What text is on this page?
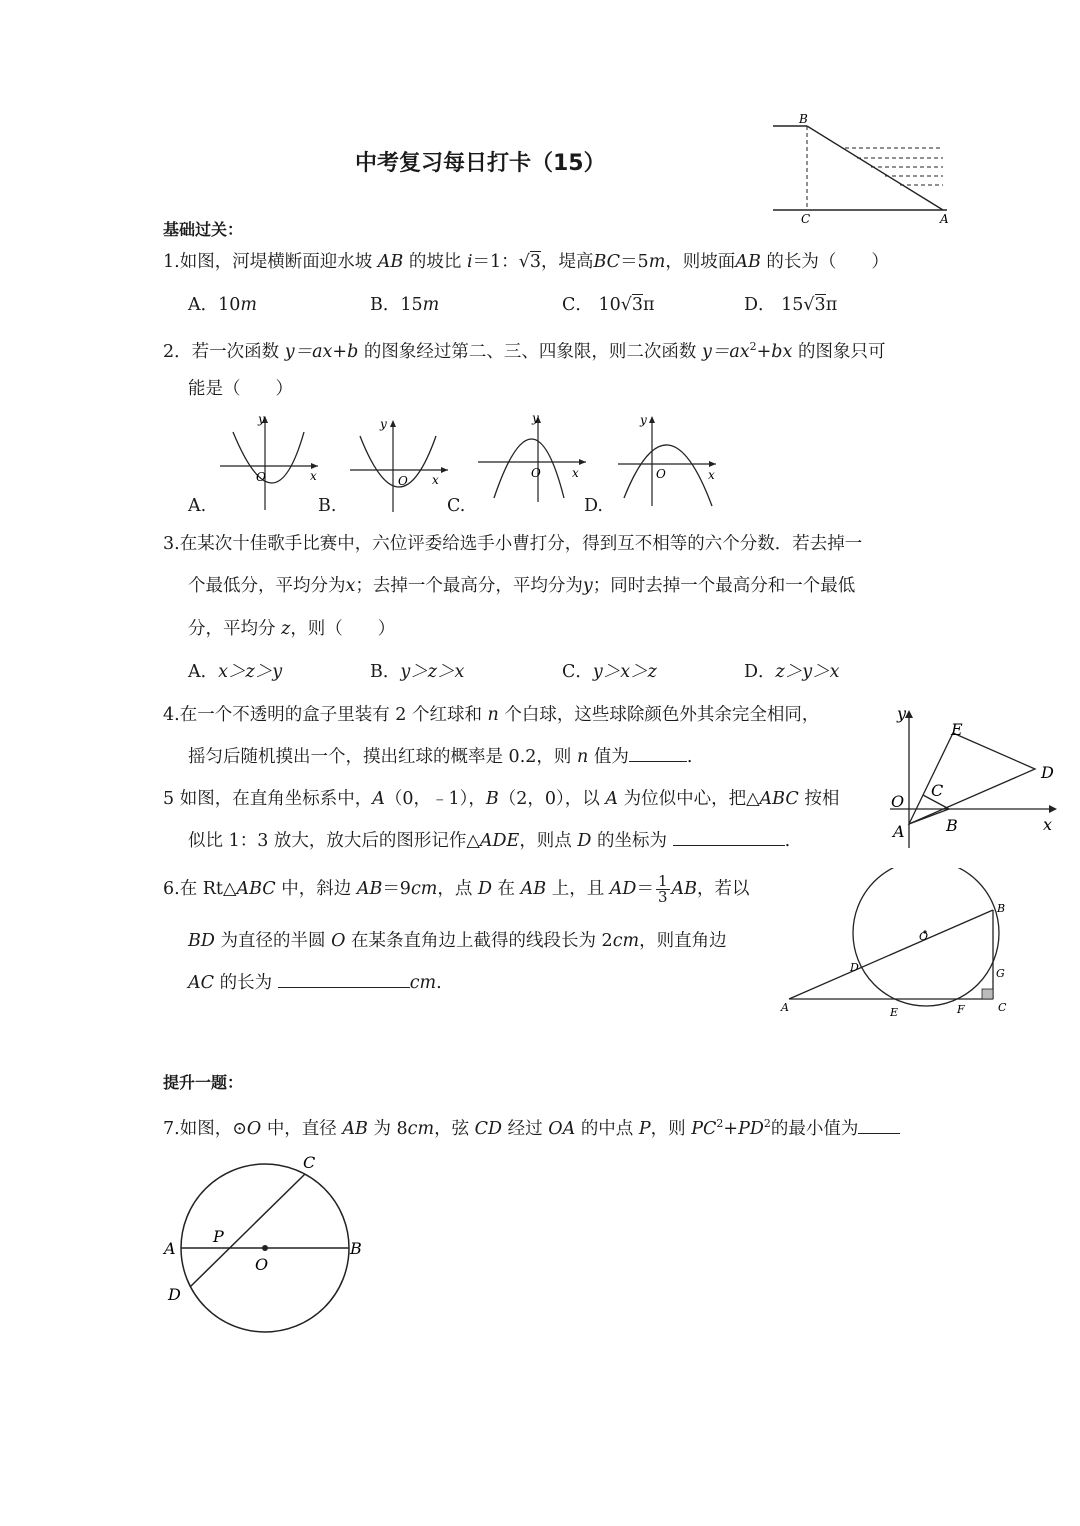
中考复习每日打卡（15）
B
C	A
基础过关：
1.如图，河堤横断面迎水坡 AB 的坡比 i＝1：√3，堤高BC＝5m，则坡面AB 的长为（　　）
A．10m	B．15m	C． 10√3π	D． 15√3π
2．若一次函数 y＝ax+b 的图象经过第二、三、四象限，则二次函数 $y=ax^2+bx$ 的图象只可
能是（　　）
y
x
O
y
x
O
y
x
O
y
x
O
A.	B.	C.	D.
3.在某次十佳歌手比赛中，六位评委给选手小曹打分，得到互不相等的六个分数．若去掉一
个最低分，平均分为x；去掉一个最高分，平均分为y；同时去掉一个最高分和一个最低
分，平均分 z，则（　　）
A．x＞z＞y	B．y＞z＞x	C．y＞x＞z	D．z＞y＞x
4.在一个不透明的盒子里装有 2 个红球和 n 个白球，这些球除颜色外其余完全相同，
摇匀后随机摸出一个，摸出红球的概率是 0.2，则 n 值为	.
y
x
O
A	B
C
D
E
5 如图，在直角坐标系中，A（0，﹣1），B（2，0），以 A 为位似中心，把△ABC 按相
似比 1：3 放大，放大后的图形记作△ADE，则点 D 的坐标为	.
6.在 Rt△ABC 中，斜边 AB＝9cm，点 D 在 AB 上，且 $AD= \frac{1}{3}$ AB，若以
BD 为直径的半圆 O 在某条直角边上截得的线段长为 2cm，则直角边
AC 的长为	cm.
A
B
C
D
E	F
G
O
提升一题：
7.如图，⊙O 中，直径 AB 为 8cm，弦 CD 经过 OA 的中点 P，则 $PC^2+PD^2$的最小值为
A	B
C
D
O
P
